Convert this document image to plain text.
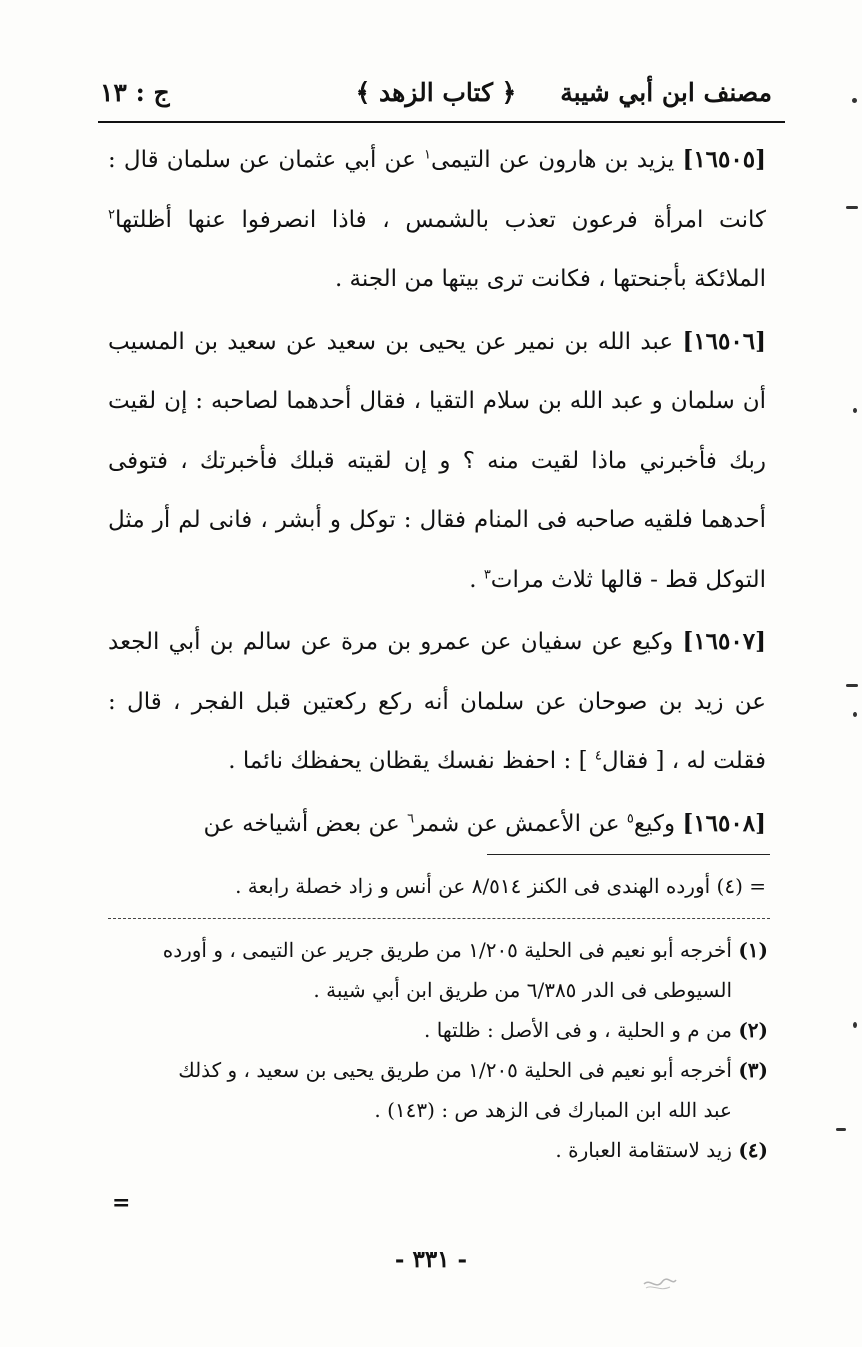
مصنف ابن أبي شيبة
﴿ كتاب الزهد ﴾
ج : ١٣

[١٦٥٠٥] يزيد بن هارون عن التيمى$^١$ عن أبي عثمان عن سلمان قال : كانت امرأة فرعون تعذب بالشمس ، فاذا انصرفوا عنها أظلتها$^٢$ الملائكة بأجنحتها ، فكانت ترى بيتها من الجنة .

[١٦٥٠٦] عبد الله بن نمير عن يحيى بن سعيد عن سعيد بن المسيب أن سلمان و عبد الله بن سلام التقيا ، فقال أحدهما لصاحبه : إن لقيت ربك فأخبرني ماذا لقيت منه ؟ و إن لقيته قبلك فأخبرتك ، فتوفى أحدهما فلقيه صاحبه فى المنام فقال : توكل و أبشر ، فانى لم أر مثل التوكل قط - قالها ثلاث مرات$^٣$ .

[١٦٥٠٧] وكيع عن سفيان عن عمرو بن مرة عن سالم بن أبي الجعد عن زيد بن صوحان عن سلمان أنه ركع ركعتين قبل الفجر ، قال : فقلت له ، [ فقال$^٤$ ] : احفظ نفسك يقظان يحفظك نائما .

[١٦٥٠٨] وكيع$^٥$ عن الأعمش عن شمر$^٦$ عن بعض أشياخه عن

= (٤) أورده الهندى فى الكنز ٨/٥١٤ عن أنس و زاد خصلة رابعة .

(١) أخرجه أبو نعيم فى الحلية ١/٢٠٥ من طريق جرير عن التيمى ، و أورده
السيوطى فى الدر ٦/٣٨٥ من طريق ابن أبي شيبة .

(٢) من م و الحلية ، و فى الأصل : ظلتها .

(٣) أخرجه أبو نعيم فى الحلية ١/٢٠٥ من طريق يحيى بن سعيد ، و كذلك
عبد الله ابن المبارك فى الزهد ص : (١٤٣) .

(٤) زيد لاستقامة العبارة .

=
- ٣٣١ -
